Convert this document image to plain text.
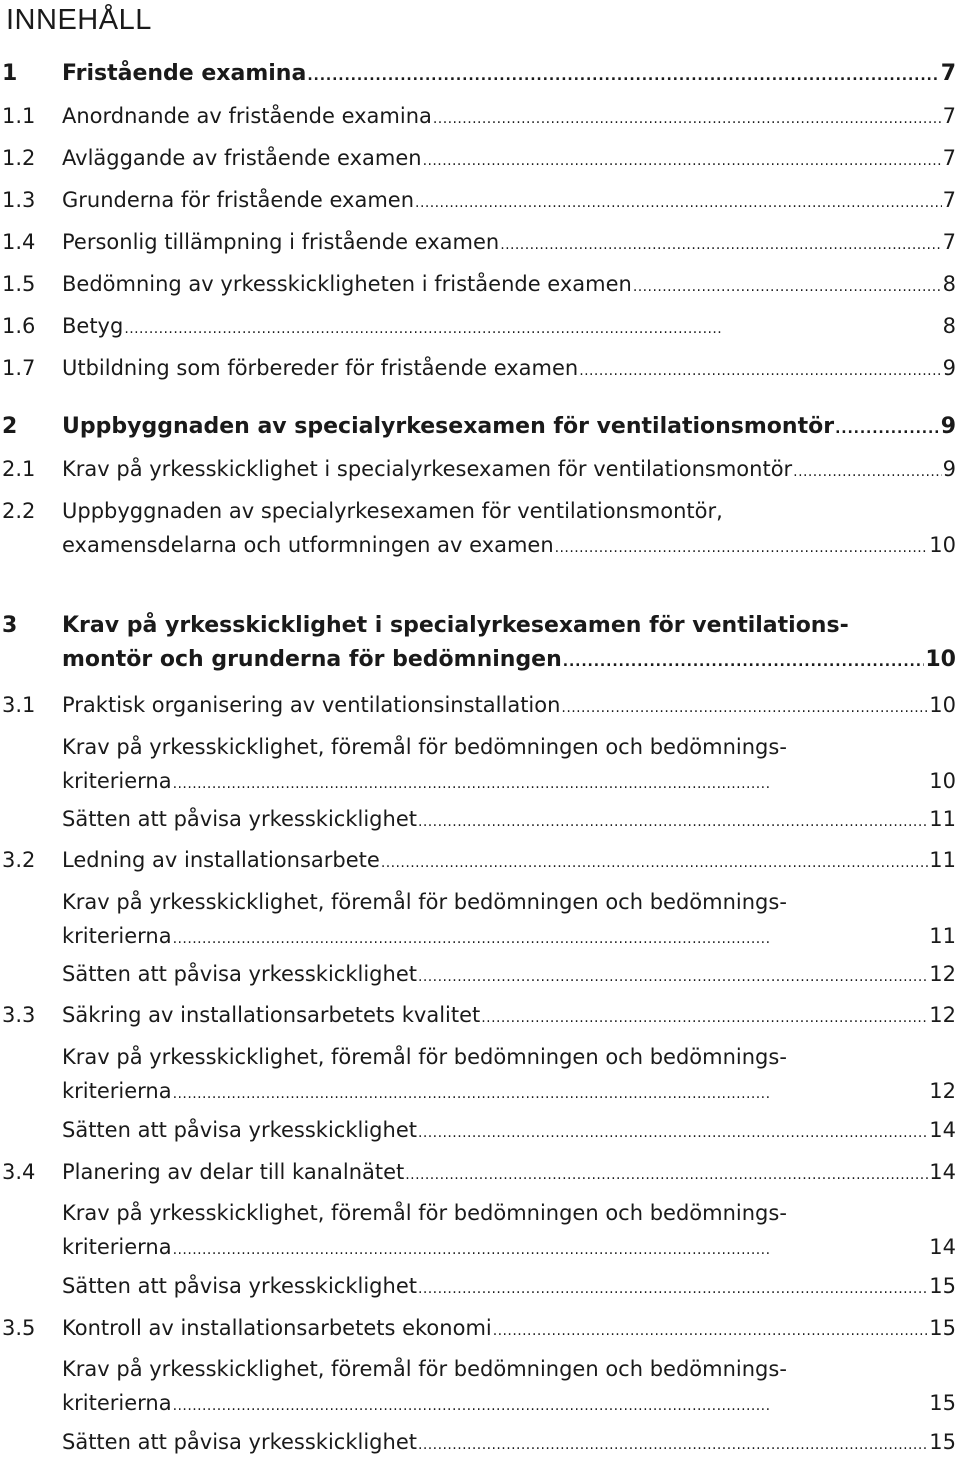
INNEHÅLL
1 Fristående examina . . .	7
1.1 Anordnande av fristående examina . . .	7
1.2 Avläggande av fristående examen . . .	7
1.3 Grunderna för fristående examen . . .	7
1.4 Personlig tillämpning i fristående examen . . .	7
1.5 Bedömning av yrkesskickligheten i fristående examen . . .	8
1.6 Betyg . . .	8
1.7 Utbildning som förbereder för fristående examen . . .	9
2 Uppbyggnaden av specialyrkesexamen för ventilationsmontör . . .	9
2.1 Krav på yrkesskicklighet i specialyrkesexamen för ventilationsmontör . . .	9
2.2 Uppbyggnaden av specialyrkesexamen för ventilationsmontör,
examensdelarna och utformningen av examen . . .	10
3 Krav på yrkesskicklighet i specialyrkesexamen för ventilations-
montör och grunderna för bedömningen . . .	10
3.1 Praktisk organisering av ventilationsinstallation . . .	10
Krav på yrkesskicklighet, föremål för bedömningen och bedömnings-
kriterierna . . .	10
Sätten att påvisa yrkesskicklighet . . .	11
3.2 Ledning av installationsarbete . . .	11
Krav på yrkesskicklighet, föremål för bedömningen och bedömnings-
kriterierna . . .	11
Sätten att påvisa yrkesskicklighet . . .	12
3.3 Säkring av installationsarbetets kvalitet . . .	12
Krav på yrkesskicklighet, föremål för bedömningen och bedömnings-
kriterierna . . .	12
Sätten att påvisa yrkesskicklighet . . .	14
3.4 Planering av delar till kanalnätet . . .	14
Krav på yrkesskicklighet, föremål för bedömningen och bedömnings-
kriterierna . . .	14
Sätten att påvisa yrkesskicklighet . . .	15
3.5 Kontroll av installationsarbetets ekonomi . . .	15
Krav på yrkesskicklighet, föremål för bedömningen och bedömnings-
kriterierna . . .	15
Sätten att påvisa yrkesskicklighet . . .	15
